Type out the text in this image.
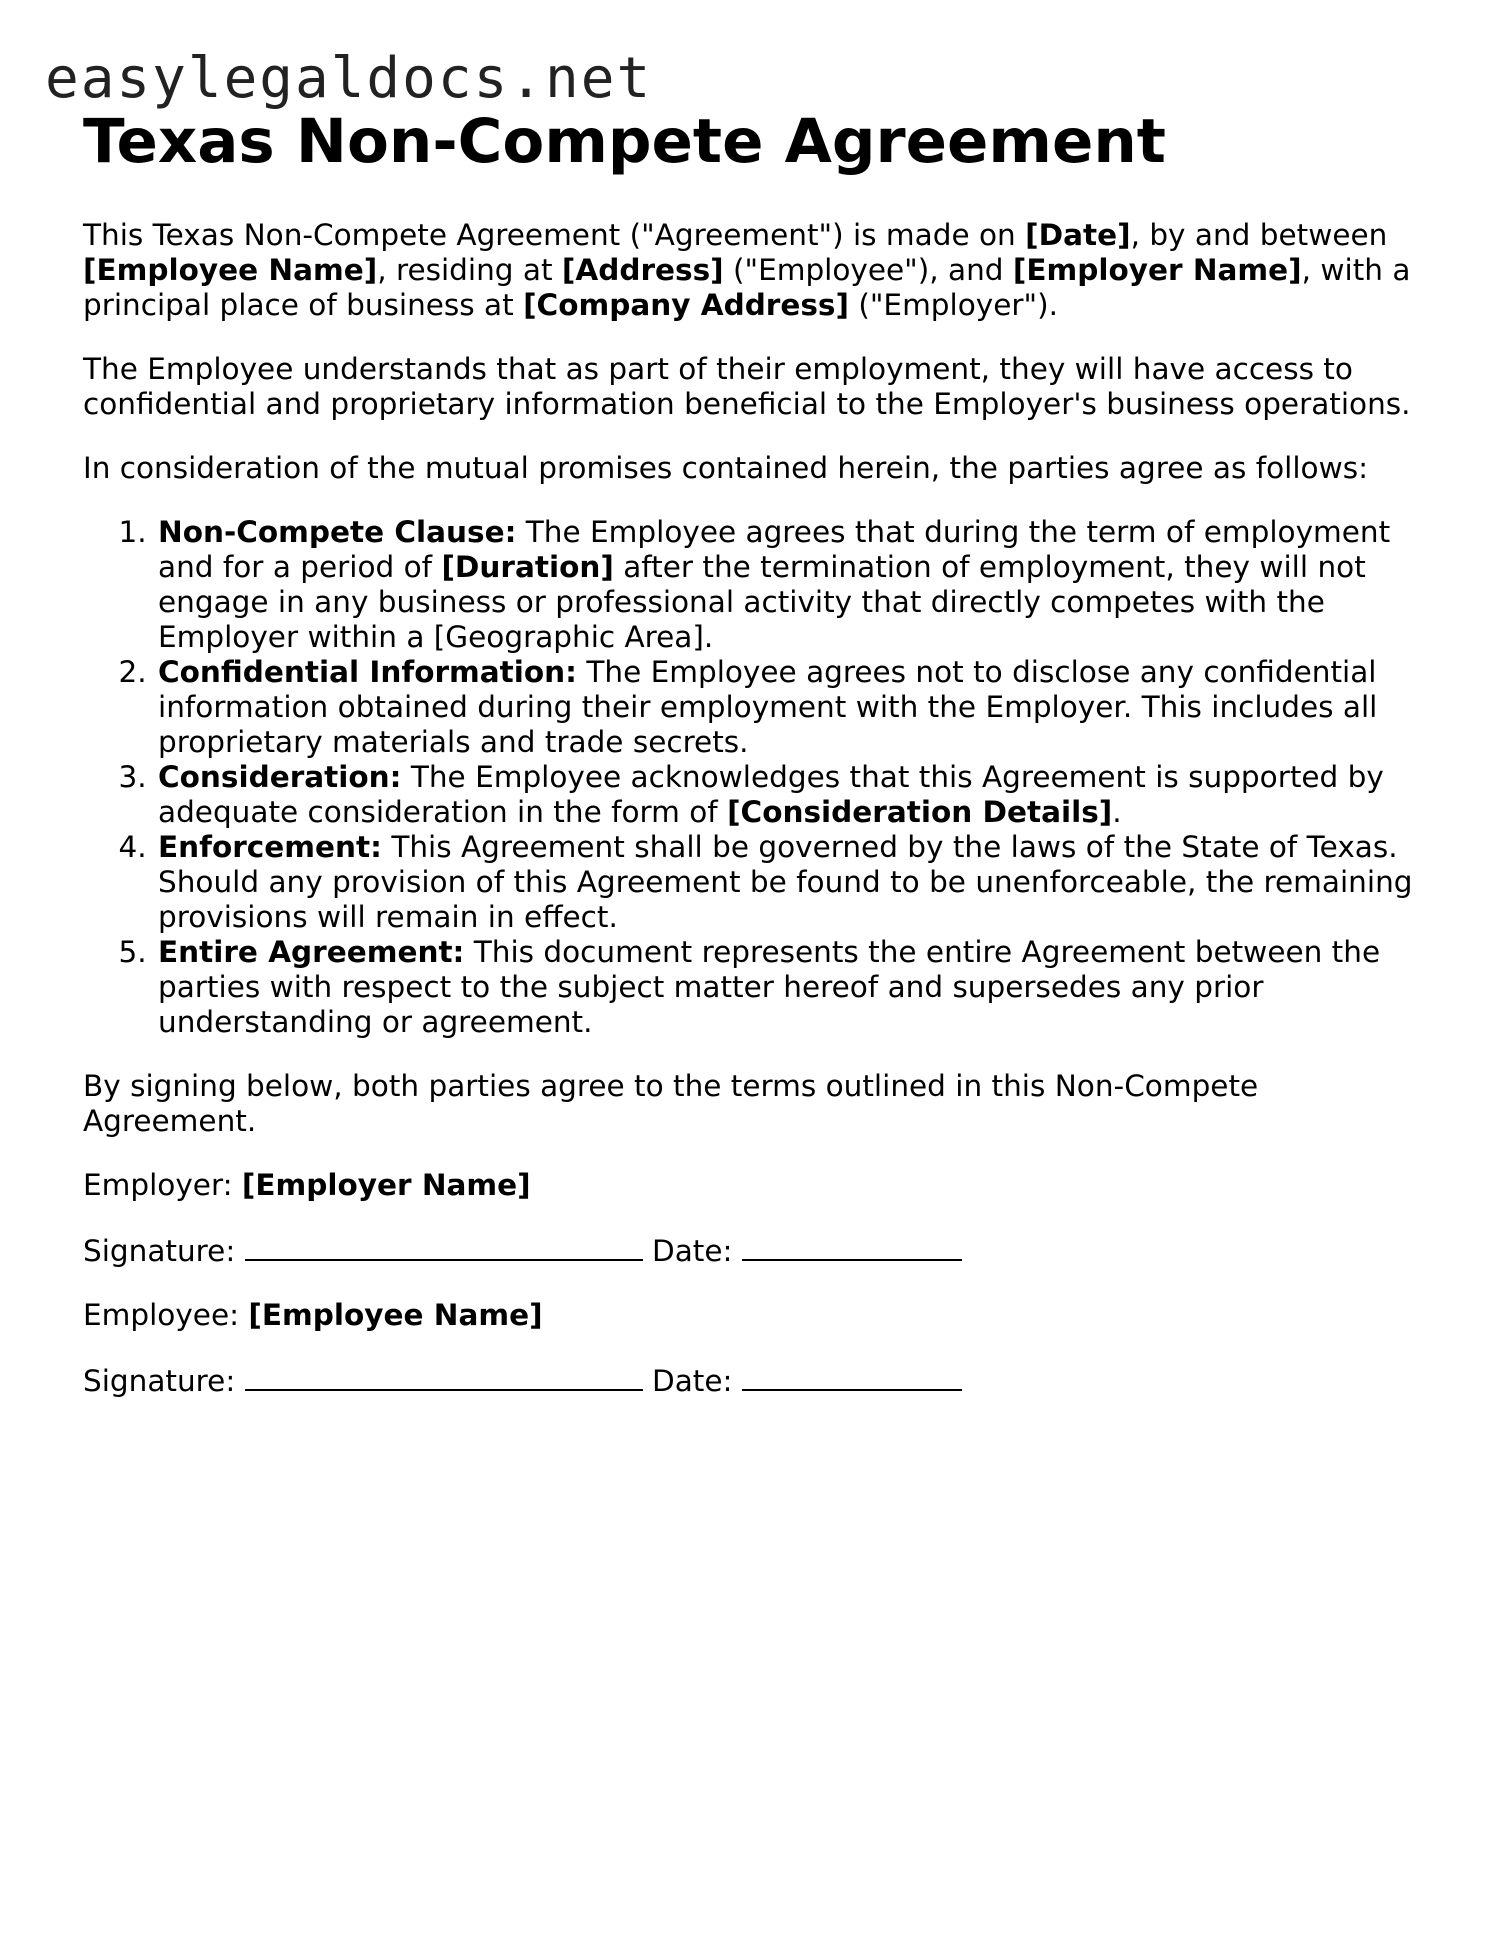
easylegaldocs.net
Texas Non-Compete Agreement

This Texas Non-Compete Agreement ("Agreement") is made on [Date], by and between [Employee Name], residing at [Address] ("Employee"), and [Employer Name], with a principal place of business at [Company Address] ("Employer").

The Employee understands that as part of their employment, they will have access to confidential and proprietary information beneficial to the Employer's business operations.

In consideration of the mutual promises contained herein, the parties agree as follows:

1. Non-Compete Clause: The Employee agrees that during the term of employment and for a period of [Duration] after the termination of employment, they will not engage in any business or professional activity that directly competes with the Employer within a [Geographic Area].
2. Confidential Information: The Employee agrees not to disclose any confidential information obtained during their employment with the Employer. This includes all proprietary materials and trade secrets.
3. Consideration: The Employee acknowledges that this Agreement is supported by adequate consideration in the form of [Consideration Details].
4. Enforcement: This Agreement shall be governed by the laws of the State of Texas. Should any provision of this Agreement be found to be unenforceable, the remaining provisions will remain in effect.
5. Entire Agreement: This document represents the entire Agreement between the parties with respect to the subject matter hereof and supersedes any prior understanding or agreement.

By signing below, both parties agree to the terms outlined in this Non-Compete Agreement.

Employer: [Employer Name]
Signature:	Date:
Employee: [Employee Name]
Signature:	Date:
